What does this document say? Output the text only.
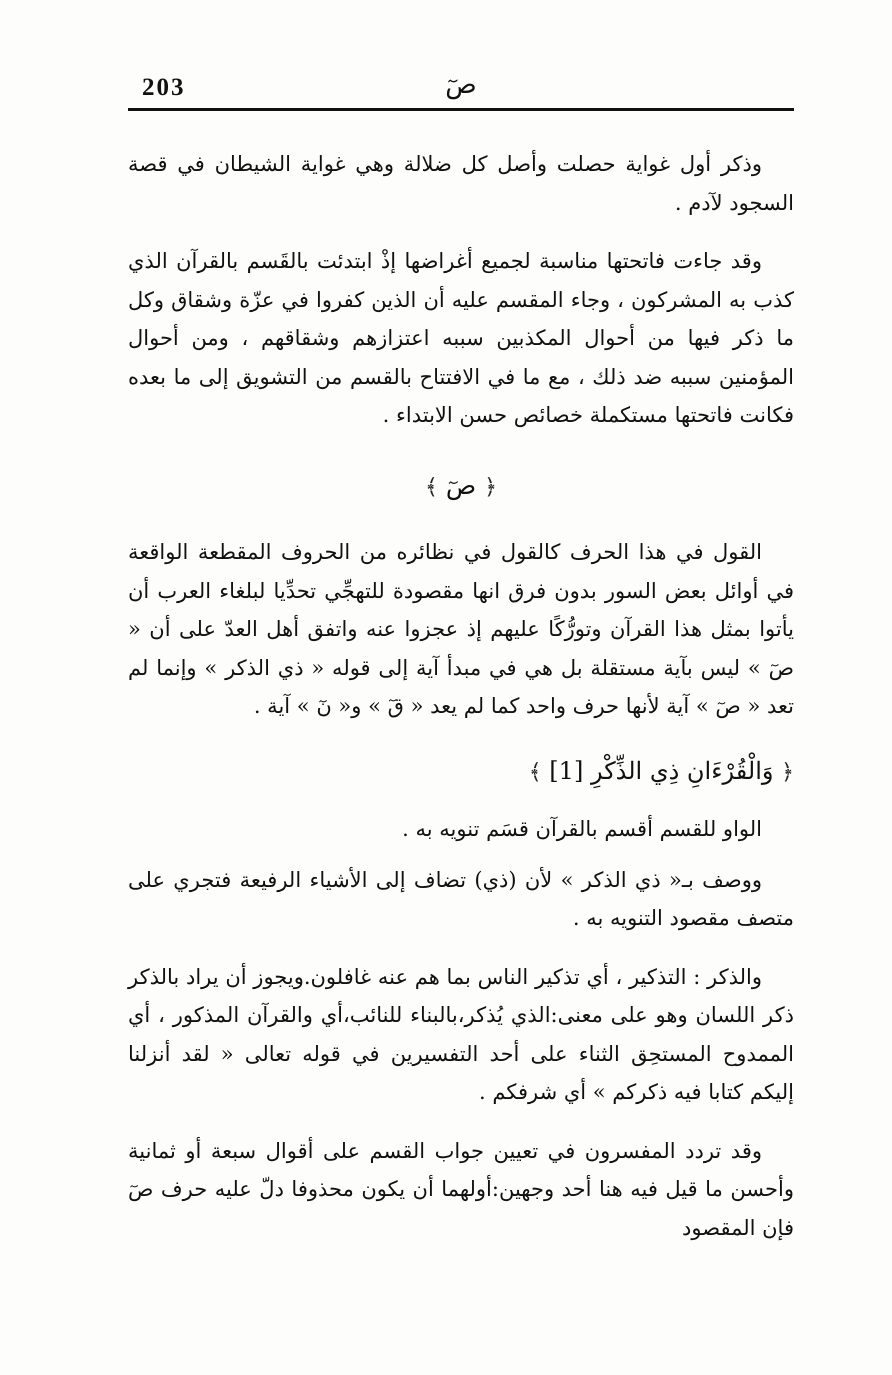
203	صٓ

وذكر أول غواية حصلت وأصل كل ضلالة وهي غواية الشيطان في قصة السجود لآدم .

وقد جاءت فاتحتها مناسبة لجميع أغراضها إذْ ابتدئت بالقَسم بالقرآن الذي كذب به المشركون ، وجاء المقسم عليه أن الذين كفروا في عزّة وشقاق وكل ما ذكر فيها من أحوال المكذبين سببه اعتزازهم وشقاقهم ، ومن أحوال المؤمنين سببه ضد ذلك ، مع ما في الافتتاح بالقسم من التشويق إلى ما بعده فكانت فاتحتها مستكملة خصائص حسن الابتداء .

﴿ صٓ ﴾

القول في هذا الحرف كالقول في نظائره من الحروف المقطعة الواقعة في أوائل بعض السور بدون فرق انها مقصودة للتهجِّي تحدِّيا لبلغاء العرب أن يأتوا بمثل هذا القرآن وتورُّكًا عليهم إذ عجزوا عنه واتفق أهل العدّ على أن « صٓ » ليس بآية مستقلة بل هي في مبدأ آية إلى قوله « ذي الذكر » وإنما لم تعد « صٓ » آية لأنها حرف واحد كما لم يعد « قٓ » و« نٓ » آية .

﴿ وَالْقُرْءَانِ ذِي الذِّكْرِ [1] ﴾

الواو للقسم أقسم بالقرآن قسَم تنويه به .

ووصف بـ« ذي الذكر » لأن (ذي) تضاف إلى الأشياء الرفيعة فتجري على متصف مقصود التنويه به .

والذكر : التذكير ، أي تذكير الناس بما هم عنه غافلون.ويجوز أن يراد بالذكر ذكر اللسان وهو على معنى:الذي يُذكر،بالبناء للنائب،أي والقرآن المذكور ، أي الممدوح المستحِق الثناء على أحد التفسيرين في قوله تعالى « لقد أنزلنا إليكم كتابا فيه ذكركم » أي شرفكم .

وقد تردد المفسرون في تعيين جواب القسم على أقوال سبعة أو ثمانية وأحسن ما قيل فيه هنا أحد وجهين:أولهما أن يكون محذوفا دلّ عليه حرف صٓ فإن المقصود
